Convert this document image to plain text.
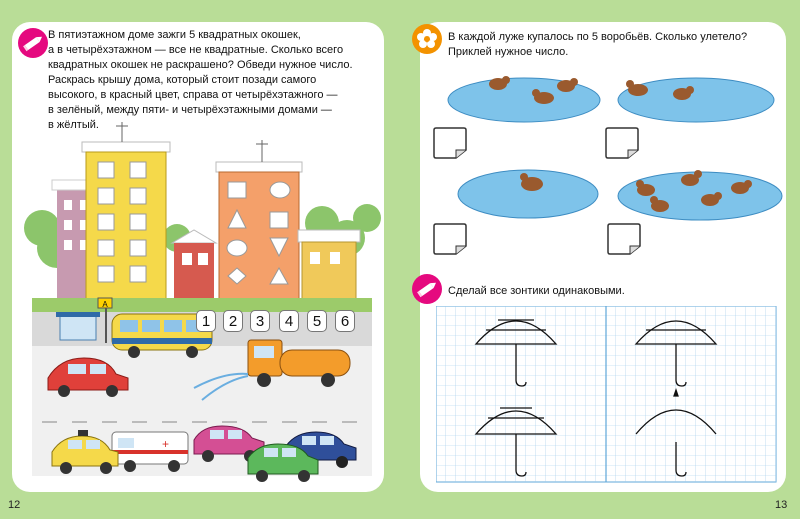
В пятиэтажном доме зажги 5 квадратных окошек,
а в четырёхэтажном — все не квадратные. Сколько всего
квадратных окошек не раскрашено? Обведи нужное число.
Раскрась крышу дома, который стоит позади самого
высокого, в красный цвет, справа от четырёхэтажного —
в зелёный, между пяти- и четырёхэтажными домами —
в жёлтый.
А
+
1	2	3	4	5	6
В каждой луже купалось по 5 воробьёв. Сколько улетело?
Приклей нужное число.
Сделай все зонтики одинаковыми.
12	13
